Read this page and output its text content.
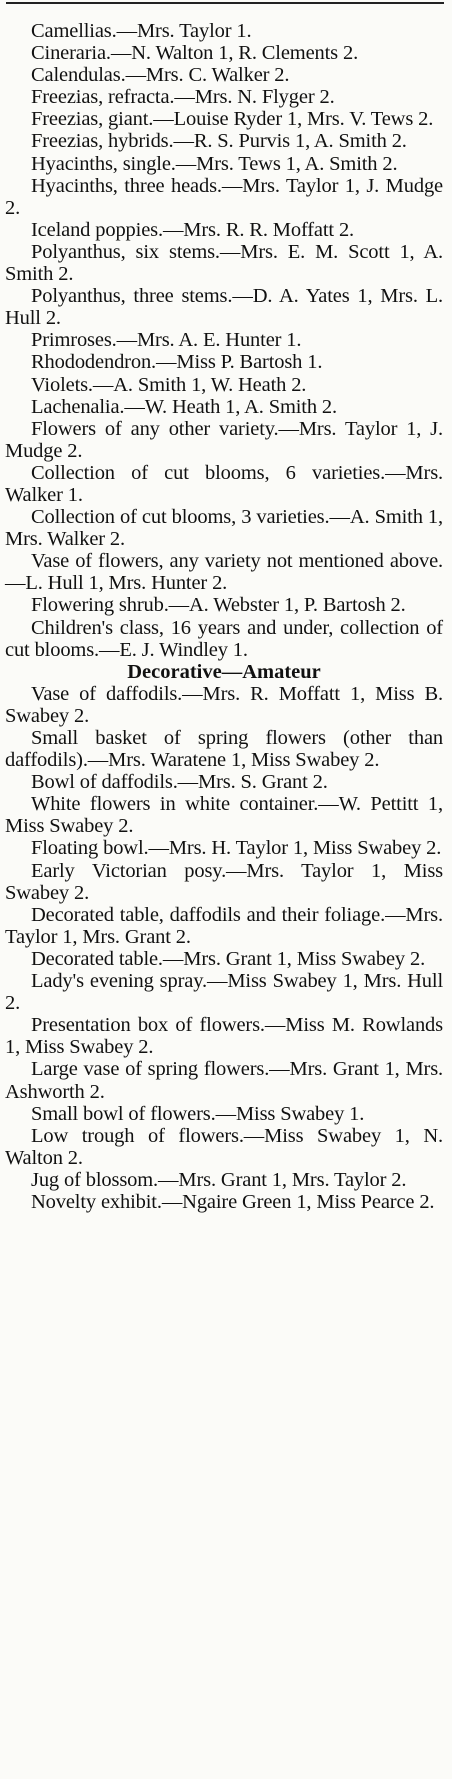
Camellias.—Mrs. Taylor 1.

Cineraria.—N. Walton 1, R. Clements 2.

Calendulas.—Mrs. C. Walker 2.

Freezias, refracta.—Mrs. N. Flyger 2.

Freezias, giant.—Louise Ryder 1, Mrs. V. Tews 2.

Freezias, hybrids.—R. S. Purvis 1, A. Smith 2.

Hyacinths, single.—Mrs. Tews 1, A. Smith 2.

Hyacinths, three heads.—Mrs. Taylor 1, J. Mudge 2.

Iceland poppies.—Mrs. R. R. Moffatt 2.

Polyanthus, six stems.—Mrs. E. M. Scott 1, A. Smith 2.

Polyanthus, three stems.—D. A. Yates 1, Mrs. L. Hull 2.

Primroses.—Mrs. A. E. Hunter 1.

Rhododendron.—Miss P. Bartosh 1.

Violets.—A. Smith 1, W. Heath 2.

Lachenalia.—W. Heath 1, A. Smith 2.

Flowers of any other variety.—Mrs. Taylor 1, J. Mudge 2.

Collection of cut blooms, 6 varieties.—Mrs. Walker 1.

Collection of cut blooms, 3 varieties.—A. Smith 1, Mrs. Walker 2.

Vase of flowers, any variety not mentioned above.—L. Hull 1, Mrs. Hunter 2.

Flowering shrub.—A. Webster 1, P. Bartosh 2.

Children's class, 16 years and under, collection of cut blooms.—E. J. Windley 1.

Decorative—Amateur

Vase of daffodils.—Mrs. R. Moffatt 1, Miss B. Swabey 2.

Small basket of spring flowers (other than daffodils).—Mrs. Waratene 1, Miss Swabey 2.

Bowl of daffodils.—Mrs. S. Grant 2.

White flowers in white container.—W. Pettitt 1, Miss Swabey 2.

Floating bowl.—Mrs. H. Taylor 1, Miss Swabey 2.

Early Victorian posy.—Mrs. Taylor 1, Miss Swabey 2.

Decorated table, daffodils and their foliage.—Mrs. Taylor 1, Mrs. Grant 2.

Decorated table.—Mrs. Grant 1, Miss Swabey 2.

Lady's evening spray.—Miss Swabey 1, Mrs. Hull 2.

Presentation box of flowers.—Miss M. Rowlands 1, Miss Swabey 2.

Large vase of spring flowers.—Mrs. Grant 1, Mrs. Ashworth 2.

Small bowl of flowers.—Miss Swabey 1.

Low trough of flowers.—Miss Swabey 1, N. Walton 2.

Jug of blossom.—Mrs. Grant 1, Mrs. Taylor 2.

Novelty exhibit.—Ngaire Green 1, Miss Pearce 2.
